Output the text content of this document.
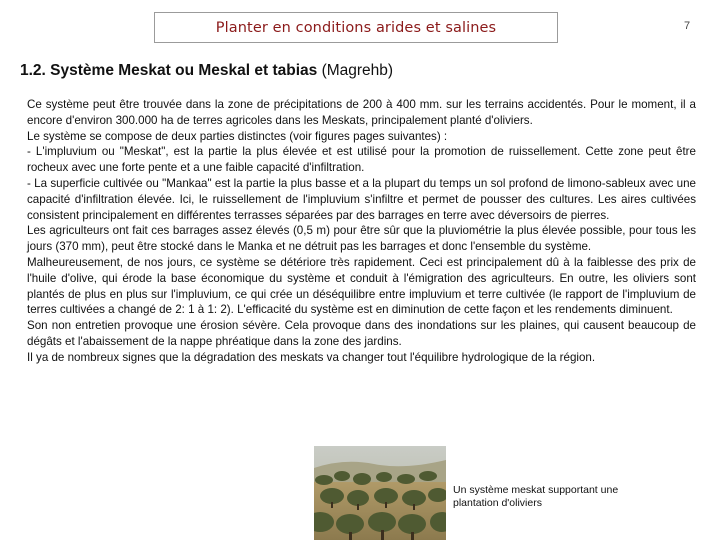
Planter en conditions arides et salines	7
1.2. Système Meskat ou Meskal et tabias (Magrehb)

Ce système peut être trouvée dans la zone de précipitations de 200 à 400 mm. sur les terrains accidentés. Pour le moment, il a encore d'environ 300.000 ha de terres agricoles dans les Meskats, principalement planté d'oliviers.

Le système se compose de deux parties distinctes (voir figures pages suivantes) :

- L'impluvium ou "Meskat", est la partie la plus élevée et est utilisé pour la promotion de ruissellement. Cette zone peut être rocheux avec une forte pente et a une faible capacité d'infiltration.

- La superficie cultivée ou "Mankaa" est la partie la plus basse et a la plupart du temps un sol profond de limono-sableux avec une capacité d'infiltration élevée. Ici, le ruissellement de l'impluvium s'infiltre et permet de pousser des cultures. Les aires cultivées consistent principalement en différentes terrasses séparées par des barrages en terre avec déversoirs de pierres.

Les agriculteurs ont fait ces barrages assez élevés (0,5 m) pour être sûr que la pluviométrie la plus élevée possible, pour tous les jours (370 mm), peut être stocké dans le Manka et ne détruit pas les barrages et donc l'ensemble du système.

Malheureusement, de nos jours, ce système se détériore très rapidement. Ceci est principalement dû à la faiblesse des prix de l'huile d'olive, qui érode la base économique du système et conduit à l'émigration des agriculteurs. En outre, les oliviers sont plantés de plus en plus sur l'impluvium, ce qui crée un déséquilibre entre impluvium et terre cultivée (le rapport de l'impluvium de terres cultivées a changé de 2: 1 à 1: 2). L'efficacité du système est en diminution de cette façon et les rendements diminuent.

Son non entretien provoque une érosion sévère. Cela provoque dans des inondations sur les plaines, qui causent beaucoup de dégâts et l'abaissement de la nappe phréatique dans la zone des jardins.

Il ya de nombreux signes que la dégradation des meskats va changer tout l'équilibre hydrologique de la région.

Un système meskat supportant une plantation d'oliviers
